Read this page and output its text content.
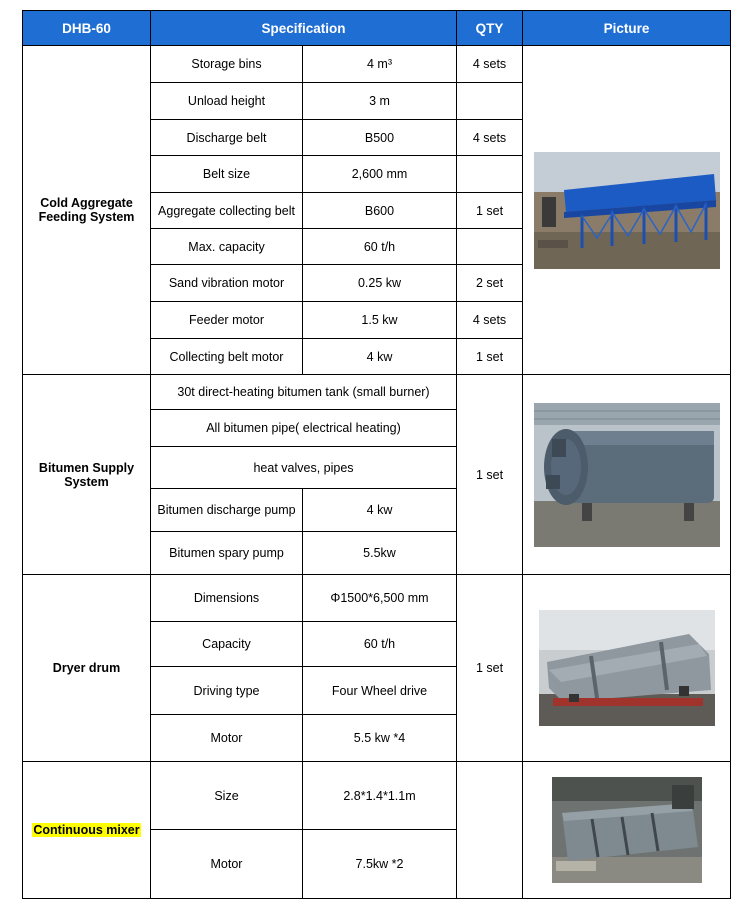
DHB-60	Specification		QTY	Picture
Cold Aggregate Feeding System	Storage bins	4 m³	4 sets	

	Unload height	3 m		
	Discharge belt	B500	4 sets	
	Belt size	2,600 mm		
	Aggregate collecting belt	B600	1 set	
	Max. capacity	60 t/h		
	Sand vibration motor	0.25 kw	2 set	
	Feeder motor	1.5 kw	4 sets	
	Collecting belt motor	4 kw	1 set	
Bitumen Supply System	30t direct-heating bitumen tank (small burner)		1 set	

	All bitumen pipe( electrical heating)			
	heat valves, pipes			
	Bitumen discharge pump	4 kw		
	Bitumen spary pump	5.5kw		
Dryer drum	Dimensions	Φ1500*6,500 mm	1 set	

	Capacity	60 t/h		
	Driving type	Four Wheel drive		
	Motor	5.5 kw *4		
Continuous mixer	Size	2.8*1.4*1.1m		

	Motor	7.5kw *2		
